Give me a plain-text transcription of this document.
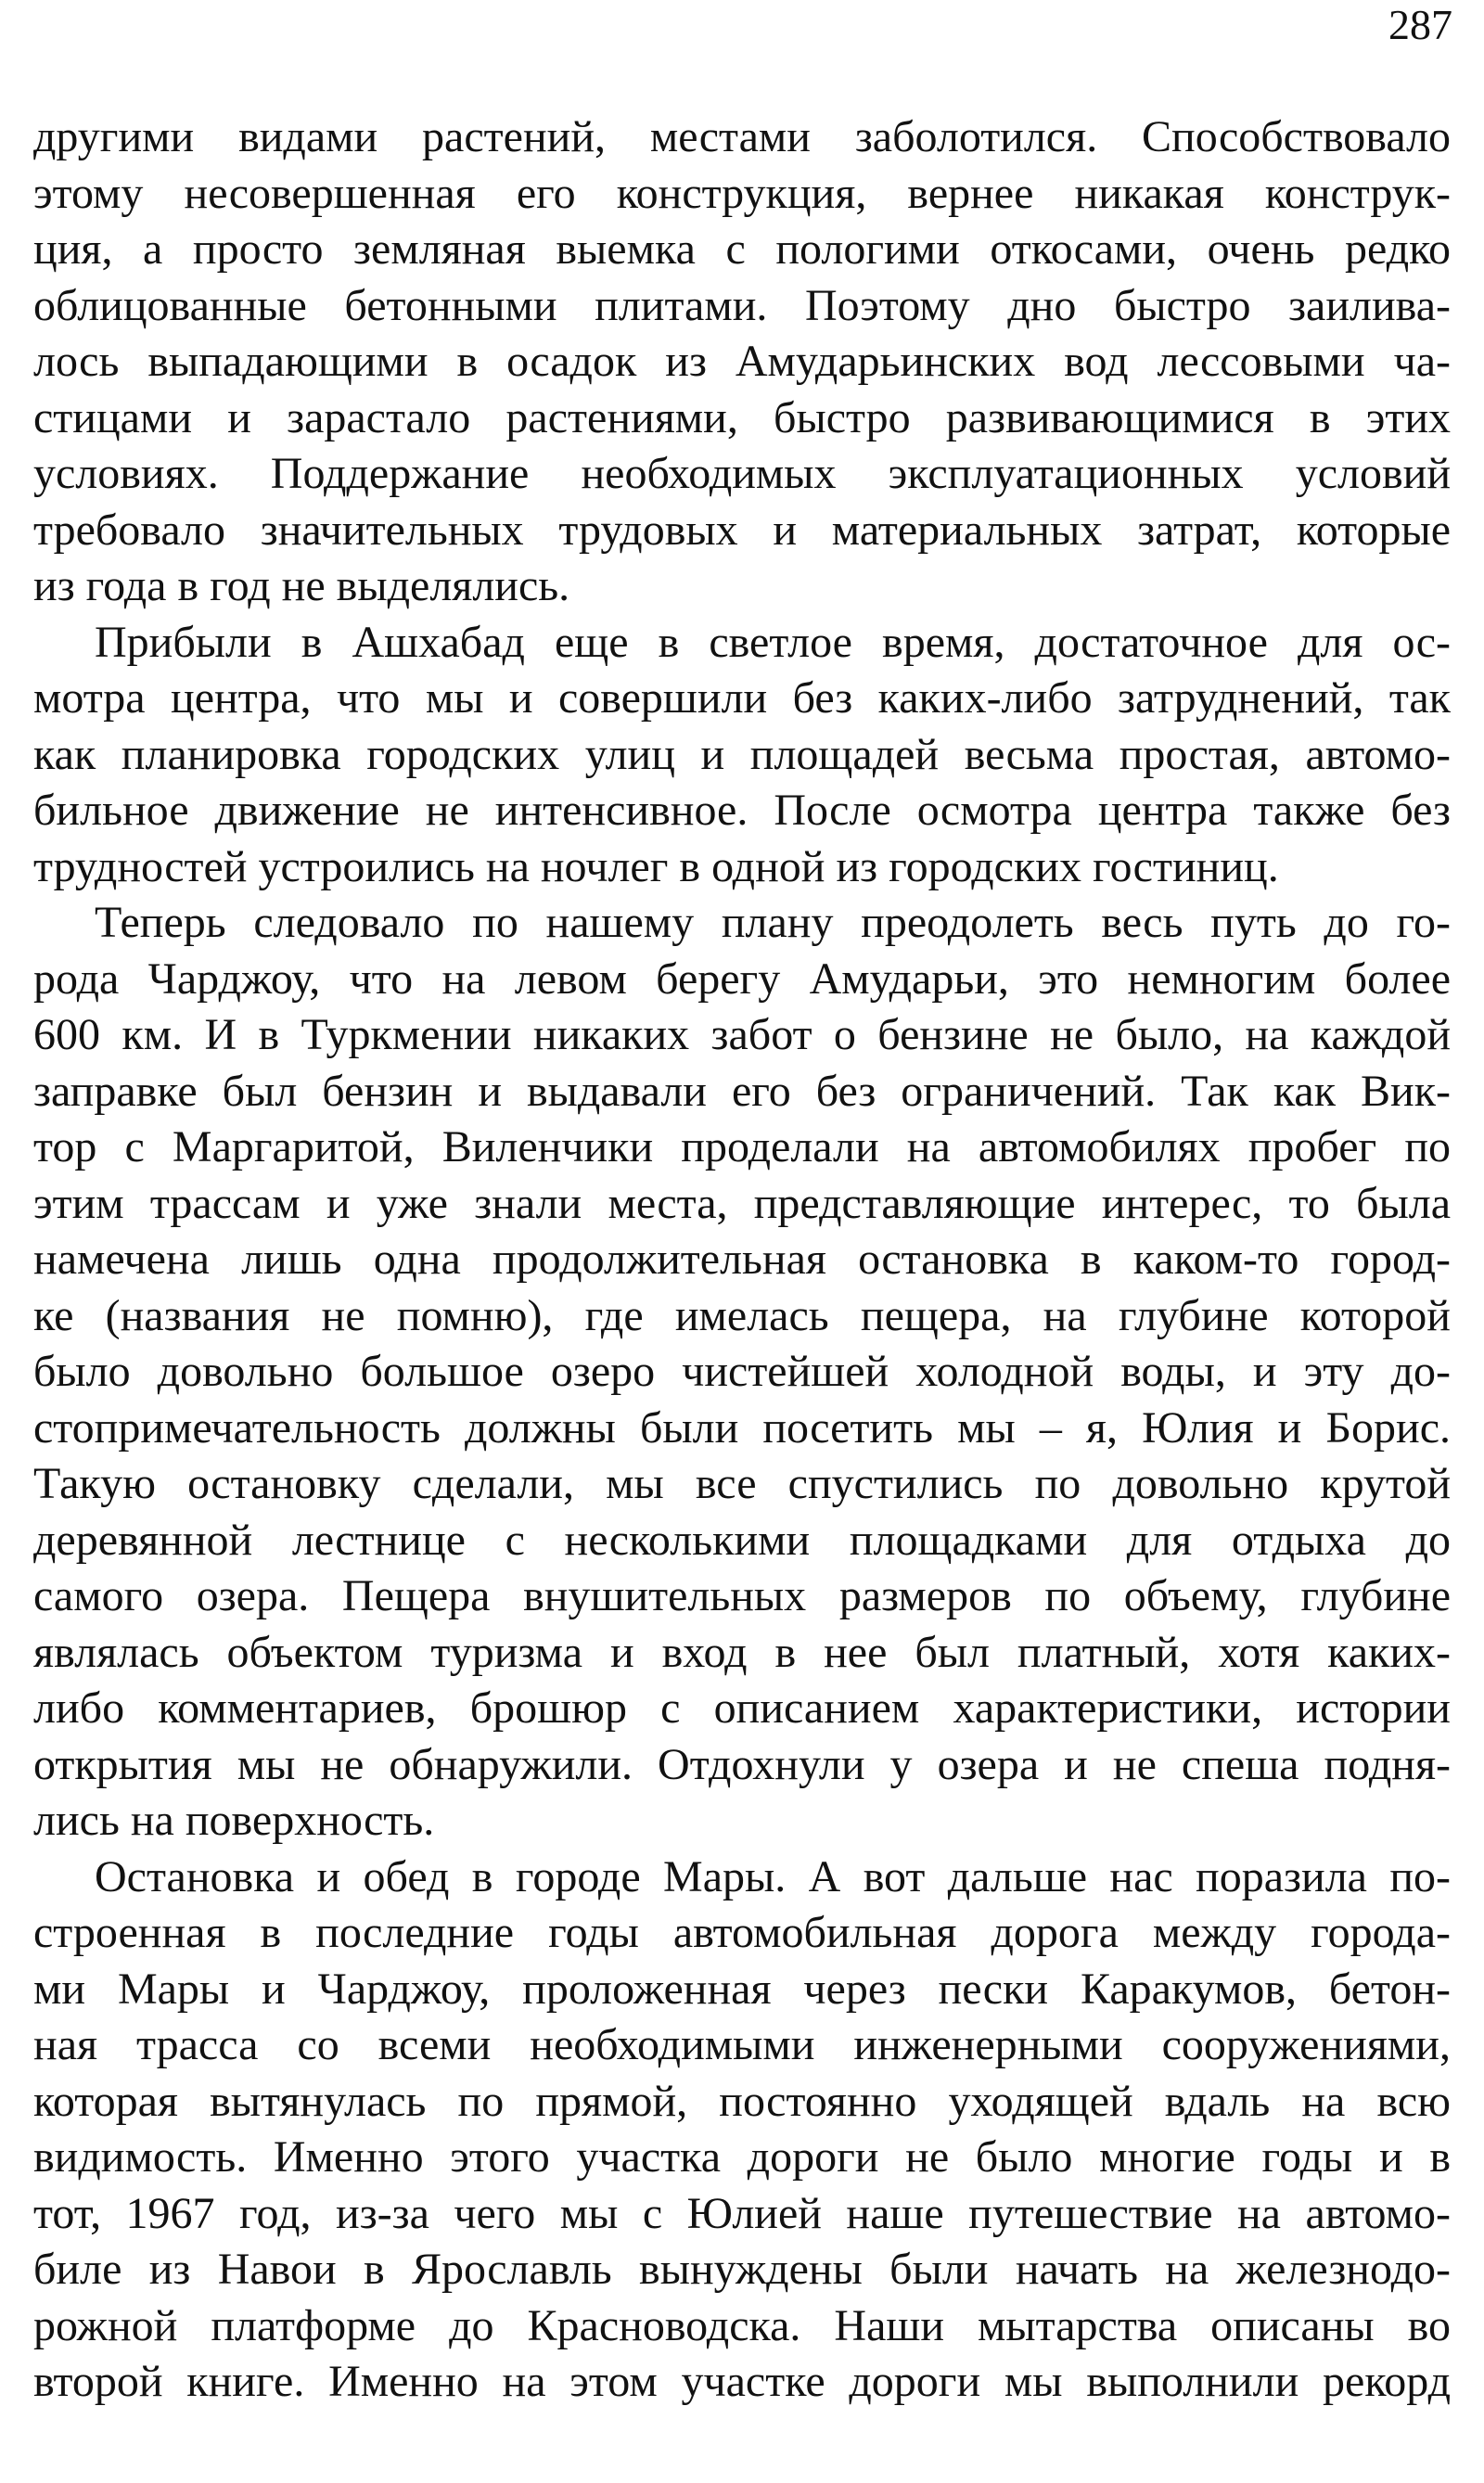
287
другими видами растений, местами заболотился. Способствовало
этому несовершенная его конструкция, вернее никакая конструк-
ция, а просто земляная выемка с пологими откосами, очень редко
облицованные бетонными плитами. Поэтому дно быстро заилива-
лось выпадающими в осадок из Амударьинских вод лессовыми ча-
стицами и зарастало растениями, быстро развивающимися в этих
условиях. Поддержание необходимых эксплуатационных условий
требовало значительных трудовых и материальных затрат, которые
из года в год не выделялись.
Прибыли в Ашхабад еще в светлое время, достаточное для ос-
мотра центра, что мы и совершили без каких-либо затруднений, так
как планировка городских улиц и площадей весьма простая, автомо-
бильное движение не интенсивное. После осмотра центра также без
трудностей устроились на ночлег в одной из городских гостиниц.
Теперь следовало по нашему плану преодолеть весь путь до го-
рода Чарджоу, что на левом берегу Амударьи, это немногим более
600 км. И в Туркмении никаких забот о бензине не было, на каждой
заправке был бензин и выдавали его без ограничений. Так как Вик-
тор с Маргаритой, Виленчики проделали на автомобилях пробег по
этим трассам и уже знали места, представляющие интерес, то была
намечена лишь одна продолжительная остановка в каком-то город-
ке (названия не помню), где имелась пещера, на глубине которой
было довольно большое озеро чистейшей холодной воды, и эту до-
стопримечательность должны были посетить мы – я, Юлия и Борис.
Такую остановку сделали, мы все спустились по довольно крутой
деревянной лестнице с несколькими площадками для отдыха до
самого озера. Пещера внушительных размеров по объему, глубине
являлась объектом туризма и вход в нее был платный, хотя каких-
либо комментариев, брошюр с описанием характеристики, истории
открытия мы не обнаружили. Отдохнули у озера и не спеша подня-
лись на поверхность.
Остановка и обед в городе Мары. А вот дальше нас поразила по-
строенная в последние годы автомобильная дорога между города-
ми Мары и Чарджоу, проложенная через пески Каракумов, бетон-
ная трасса со всеми необходимыми инженерными сооружениями,
которая вытянулась по прямой, постоянно уходящей вдаль на всю
видимость. Именно этого участка дороги не было многие годы и в
тот, 1967 год, из-за чего мы с Юлией наше путешествие на автомо-
биле из Навои в Ярославль вынуждены были начать на железнодо-
рожной платформе до Красноводска. Наши мытарства описаны во
второй книге. Именно на этом участке дороги мы выполнили рекорд
